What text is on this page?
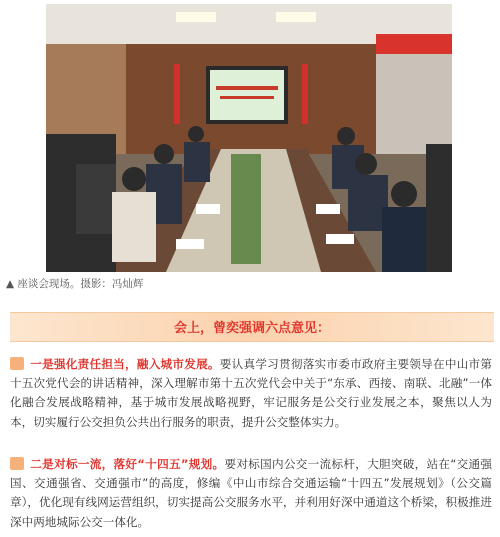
▲ 座谈会现场。摄影：冯灿辉
会上，曾奕强调六点意见：
一是强化责任担当，融入城市发展。要认真学习贯彻落实市委市政府主要领导在中山市第十五次党代会的讲话精神，深入理解市第十五次党代会中关于“东承、西接、南联、北融”一体化融合发展战略精神，基于城市发展战略视野，牢记服务是公交行业发展之本，聚焦以人为本，切实履行公交担负公共出行服务的职责，提升公交整体实力。
二是对标一流，落好“十四五”规划。要对标国内公交一流标杆，大胆突破，站在“交通强国、交通强省、交通强市”的高度，修编《中山市综合交通运输“十四五”发展规划》（公交篇章），优化现有线网运营组织，切实提高公交服务水平，并利用好深中通道这个桥梁，积极推进深中两地城际公交一体化。
